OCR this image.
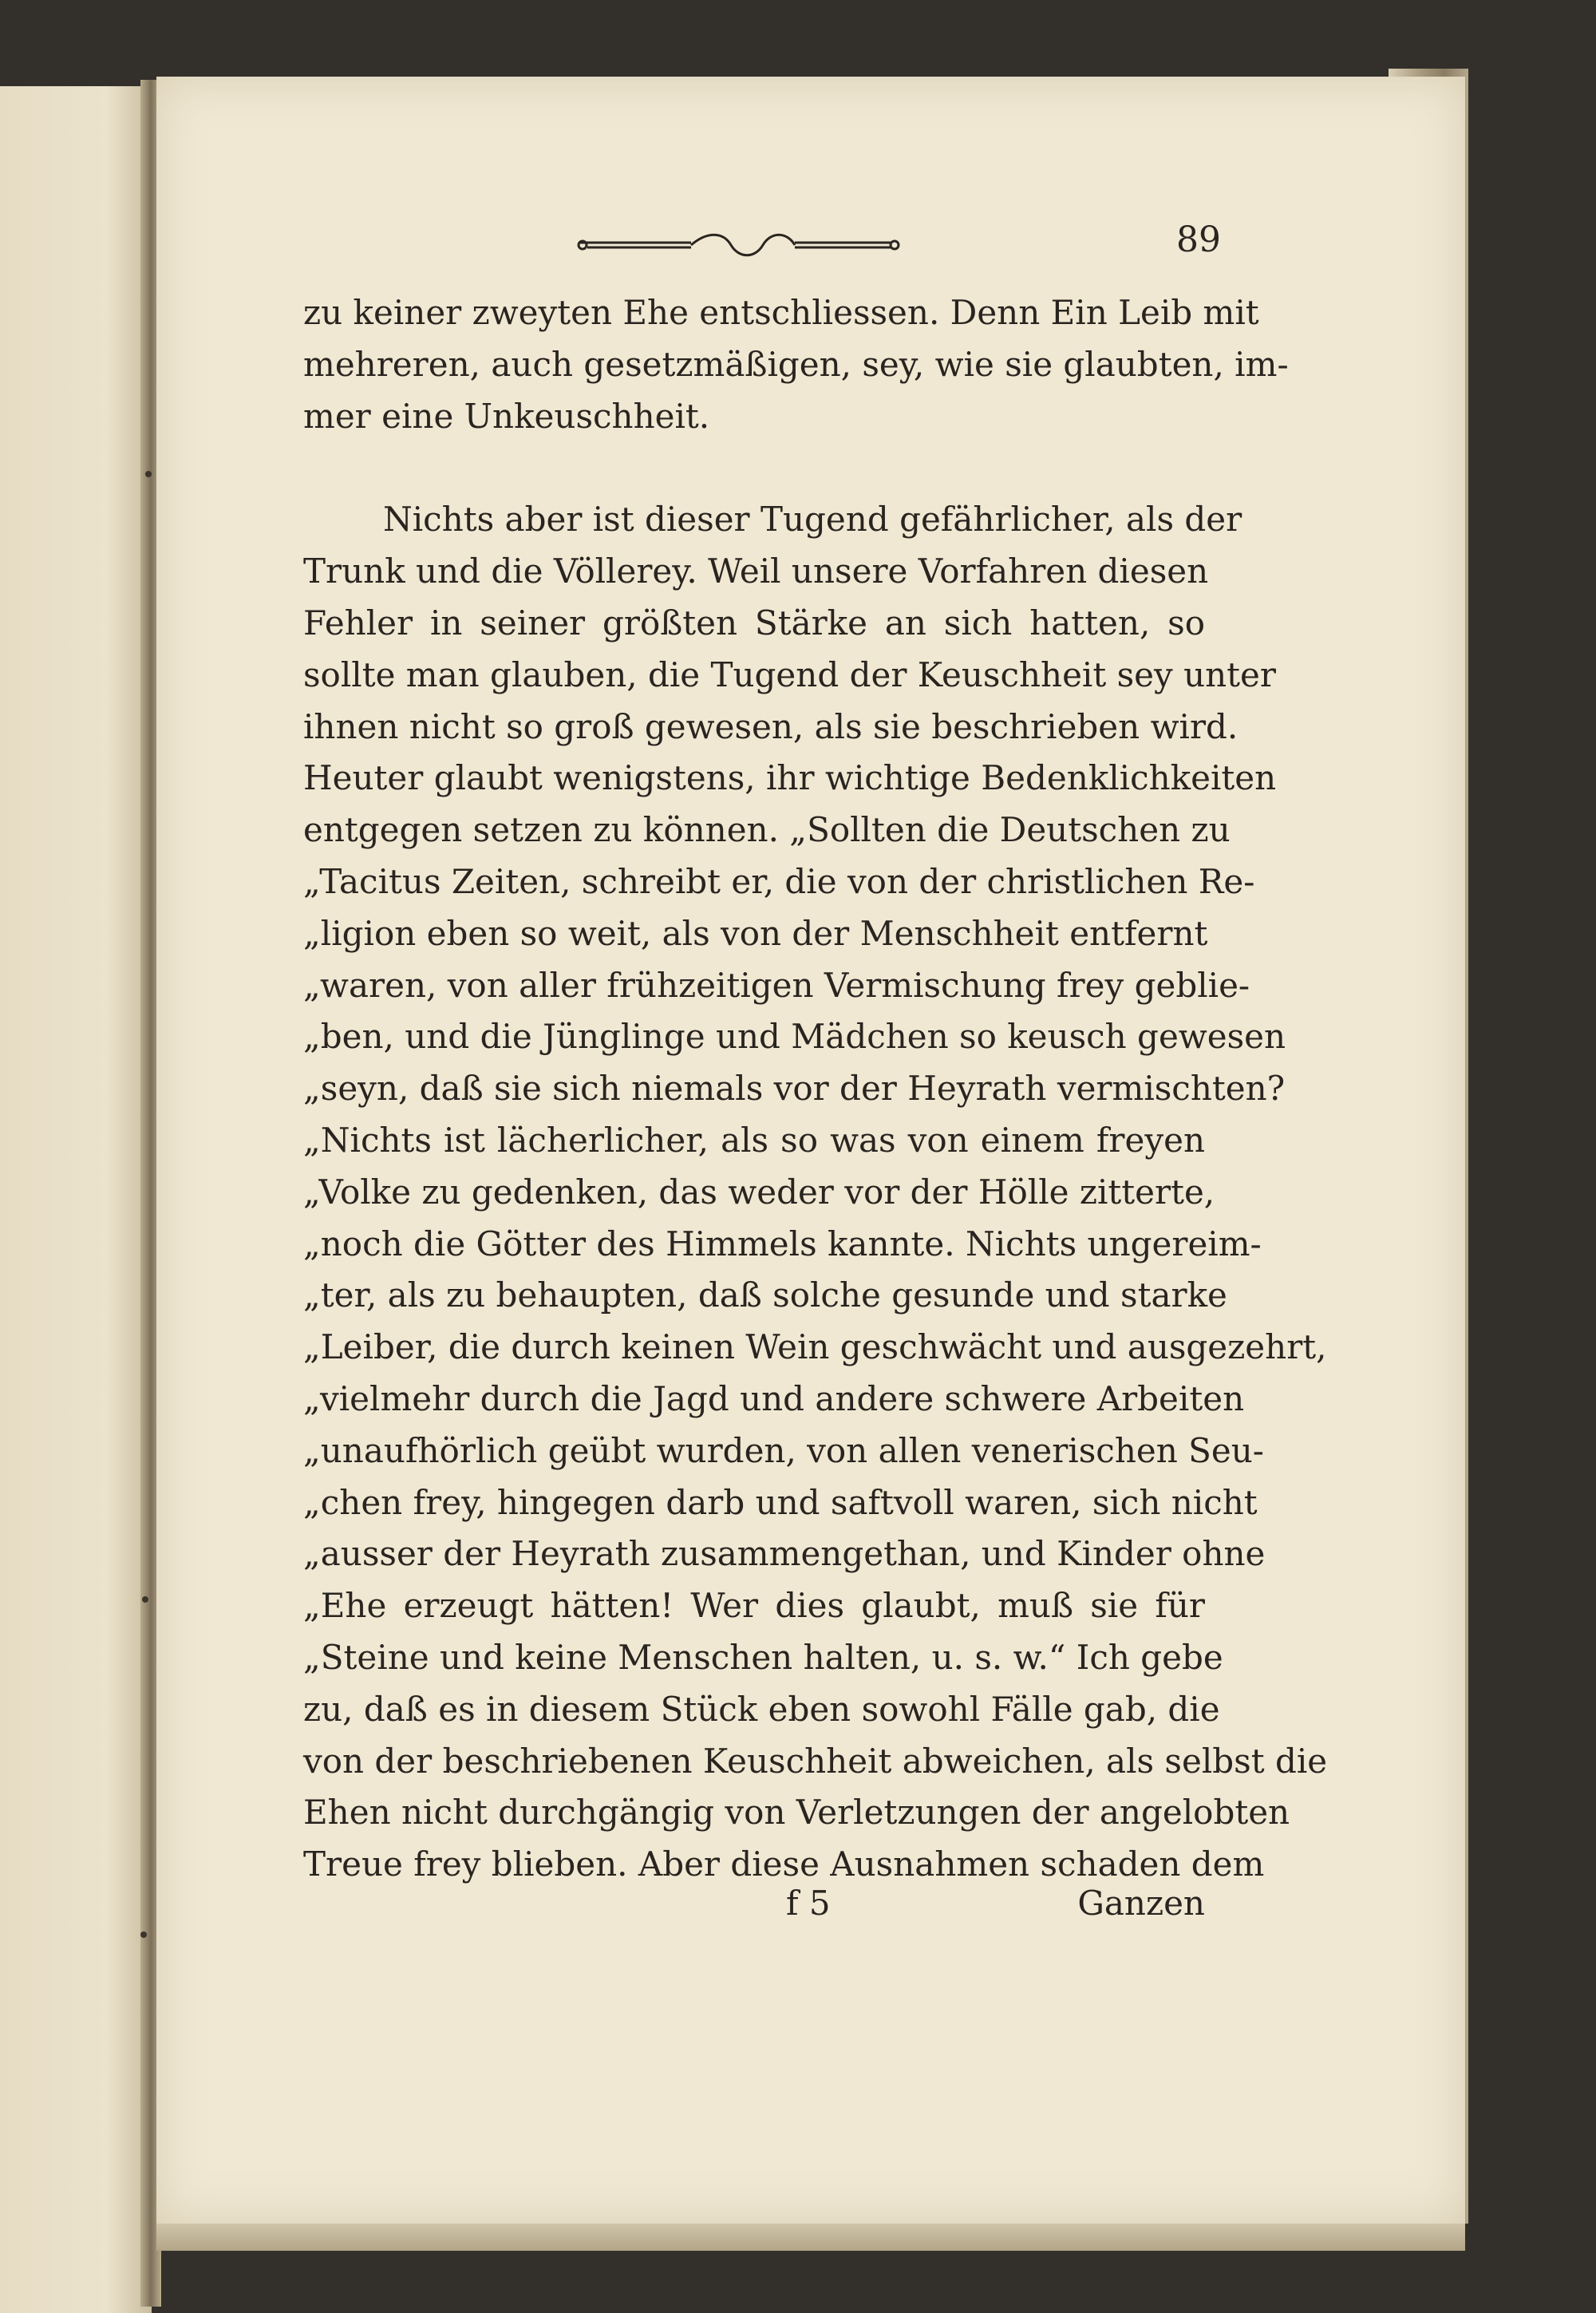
89
zu keiner zweyten Ehe entschliessen. Denn Ein Leib mit
mehreren, auch gesetzmäßigen, sey, wie sie glaubten, im-
mer eine Unkeuschheit.
Nichts aber ist dieser Tugend gefährlicher, als der
Trunk und die Völlerey. Weil unsere Vorfahren diesen
Fehler in seiner größten Stärke an sich hatten, so
sollte man glauben, die Tugend der Keuschheit sey unter
ihnen nicht so groß gewesen, als sie beschrieben wird.
Heuter glaubt wenigstens, ihr wichtige Bedenklichkeiten
entgegen setzen zu können. „Sollten die Deutschen zu
„Tacitus Zeiten, schreibt er, die von der christlichen Re-
„ligion eben so weit, als von der Menschheit entfernt
„waren, von aller frühzeitigen Vermischung frey geblie-
„ben, und die Jünglinge und Mädchen so keusch gewesen
„seyn, daß sie sich niemals vor der Heyrath vermischten?
„Nichts ist lächerlicher, als so was von einem freyen
„Volke zu gedenken, das weder vor der Hölle zitterte,
„noch die Götter des Himmels kannte. Nichts ungereim-
„ter, als zu behaupten, daß solche gesunde und starke
„Leiber, die durch keinen Wein geschwächt und ausgezehrt,
„vielmehr durch die Jagd und andere schwere Arbeiten
„unaufhörlich geübt wurden, von allen venerischen Seu-
„chen frey, hingegen darb und saftvoll waren, sich nicht
„ausser der Heyrath zusammengethan, und Kinder ohne
„Ehe erzeugt hätten! Wer dies glaubt, muß sie für
„Steine und keine Menschen halten, u. s. w.“ Ich gebe
zu, daß es in diesem Stück eben sowohl Fälle gab, die
von der beschriebenen Keuschheit abweichen, als selbst die
Ehen nicht durchgängig von Verletzungen der angelobten
Treue frey blieben. Aber diese Ausnahmen schaden dem
f 5	Ganzen
